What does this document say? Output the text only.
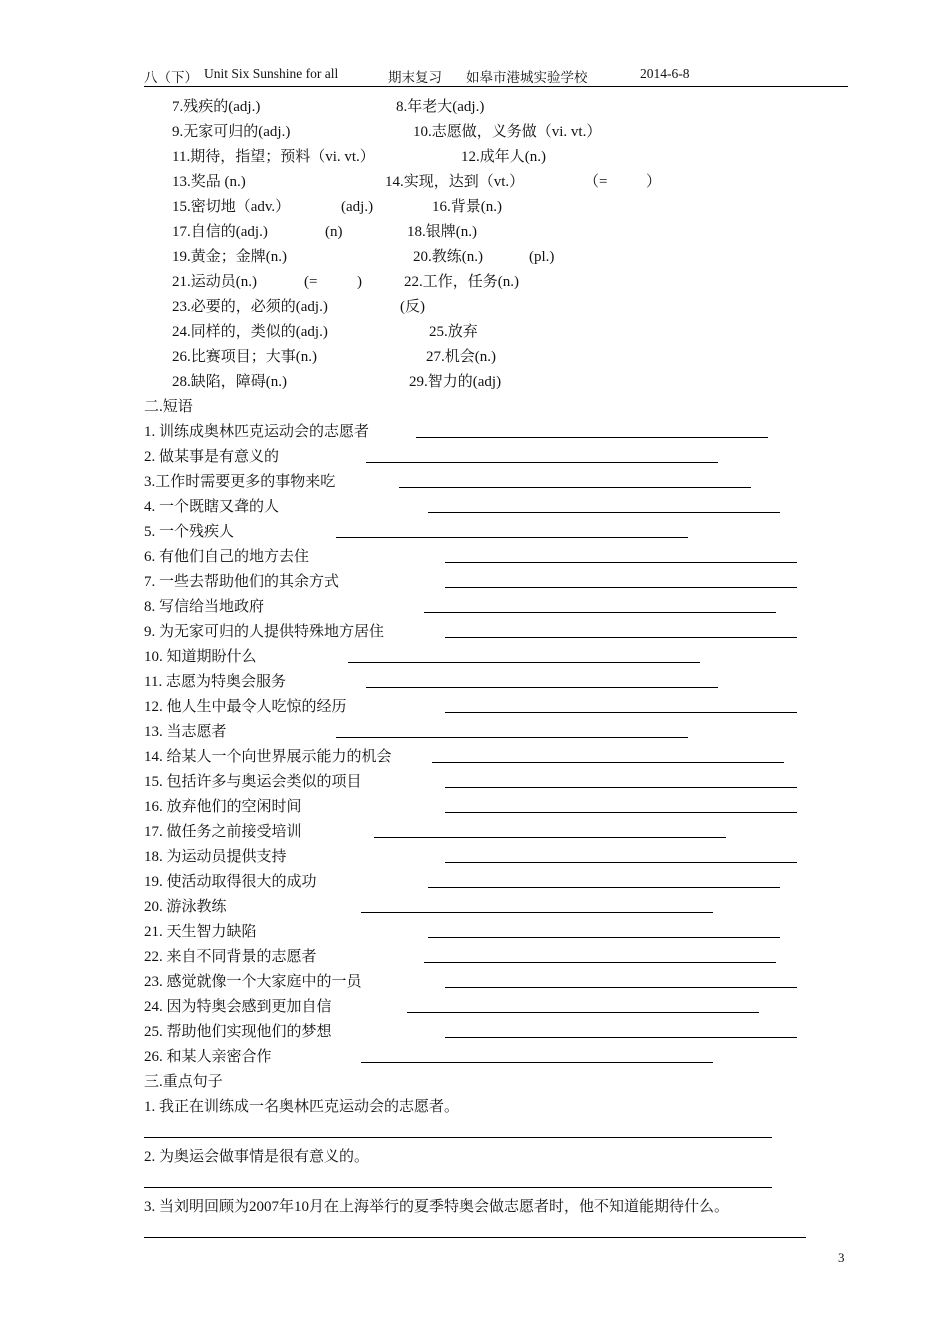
八（下） Unit Six Sunshine for all	期末复习 如皋市港城实验学校	2014-6-8
7.残疾的(adj.)	8.年老大(adj.)
9.无家可归的(adj.)	10.志愿做，义务做（vi. vt.）
11.期待，指望；预料（vi. vt.）	12.成年人(n.)
13.奖品 (n.)	14.实现，达到（vt.）	（=	）
15.密切地（adv.）	(adj.)	16.背景(n.)
17.自信的(adj.)	(n)	18.银牌(n.)
19.黄金；金牌(n.)	20.教练(n.)	(pl.)
21.运动员(n.)	(=	)	22.工作，任务(n.)
23.必要的，必须的(adj.)	(反)
24.同样的，类似的(adj.)	25.放弃
26.比赛项目；大事(n.)	27.机会(n.)
28.缺陷，障碍(n.)	29.智力的(adj)
二.短语
1. 训练成奥林匹克运动会的志愿者
2. 做某事是有意义的
3.工作时需要更多的事物来吃
4. 一个既瞎又聋的人
5. 一个残疾人
6. 有他们自己的地方去住
7. 一些去帮助他们的其余方式
8. 写信给当地政府
9. 为无家可归的人提供特殊地方居住
10. 知道期盼什么
11. 志愿为特奥会服务
12. 他人生中最令人吃惊的经历
13. 当志愿者
14. 给某人一个向世界展示能力的机会
15. 包括许多与奥运会类似的项目
16. 放弃他们的空闲时间
17. 做任务之前接受培训
18. 为运动员提供支持
19. 使活动取得很大的成功
20. 游泳教练
21. 天生智力缺陷
22. 来自不同背景的志愿者
23. 感觉就像一个大家庭中的一员
24. 因为特奥会感到更加自信
25. 帮助他们实现他们的梦想
26. 和某人亲密合作
三.重点句子
1. 我正在训练成一名奥林匹克运动会的志愿者。
2. 为奥运会做事情是很有意义的。
3. 当刘明回顾为2007年10月在上海举行的夏季特奥会做志愿者时，他不知道能期待什么。
3
